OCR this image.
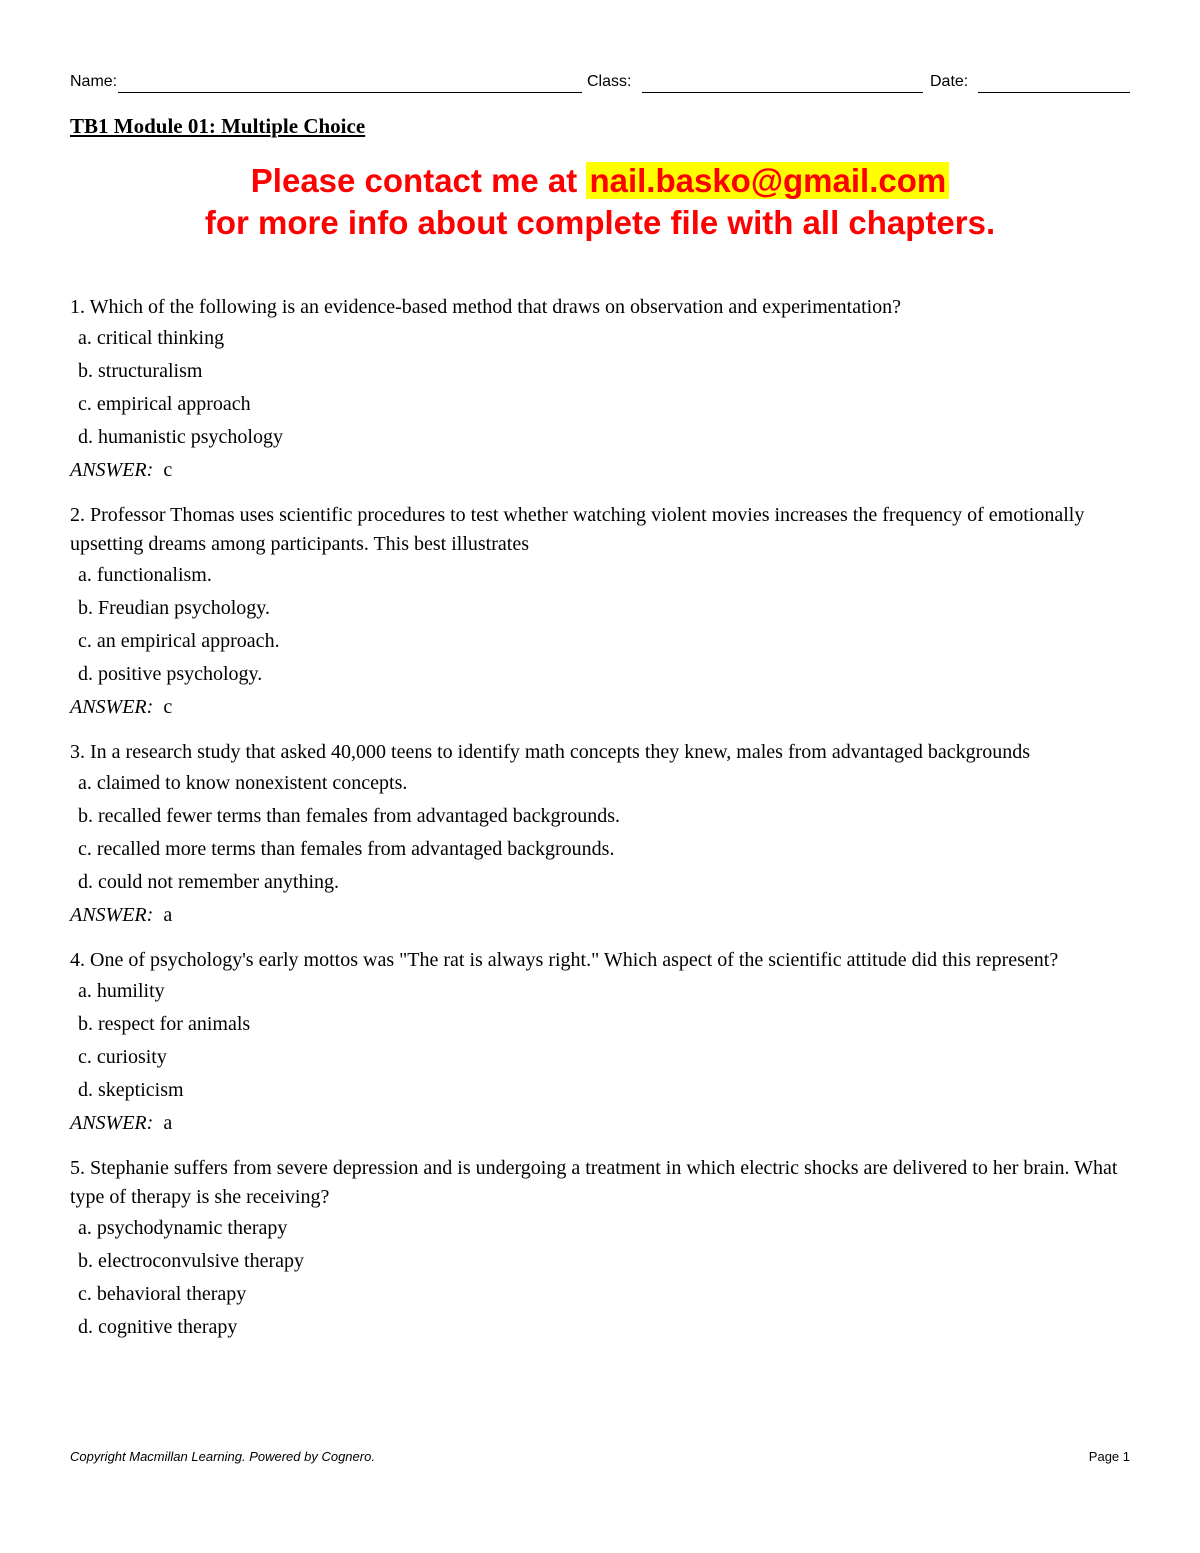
Name:	Class:	Date:
TB1 Module 01: Multiple Choice
Please contact me at nail.basko@gmail.com
for more info about complete file with all chapters.
1. Which of the following is an evidence-based method that draws on observation and experimentation?
a. critical thinking
b. structuralism
c. empirical approach
d. humanistic psychology
ANSWER: c
2. Professor Thomas uses scientific procedures to test whether watching violent movies increases the frequency of emotionally upsetting dreams among participants. This best illustrates
a. functionalism.
b. Freudian psychology.
c. an empirical approach.
d. positive psychology.
ANSWER: c
3. In a research study that asked 40,000 teens to identify math concepts they knew, males from advantaged backgrounds
a. claimed to know nonexistent concepts.
b. recalled fewer terms than females from advantaged backgrounds.
c. recalled more terms than females from advantaged backgrounds.
d. could not remember anything.
ANSWER: a
4. One of psychology's early mottos was "The rat is always right." Which aspect of the scientific attitude did this represent?
a. humility
b. respect for animals
c. curiosity
d. skepticism
ANSWER: a
5. Stephanie suffers from severe depression and is undergoing a treatment in which electric shocks are delivered to her brain. What type of therapy is she receiving?
a. psychodynamic therapy
b. electroconvulsive therapy
c. behavioral therapy
d. cognitive therapy
Copyright Macmillan Learning. Powered by Cognero.	Page 1
